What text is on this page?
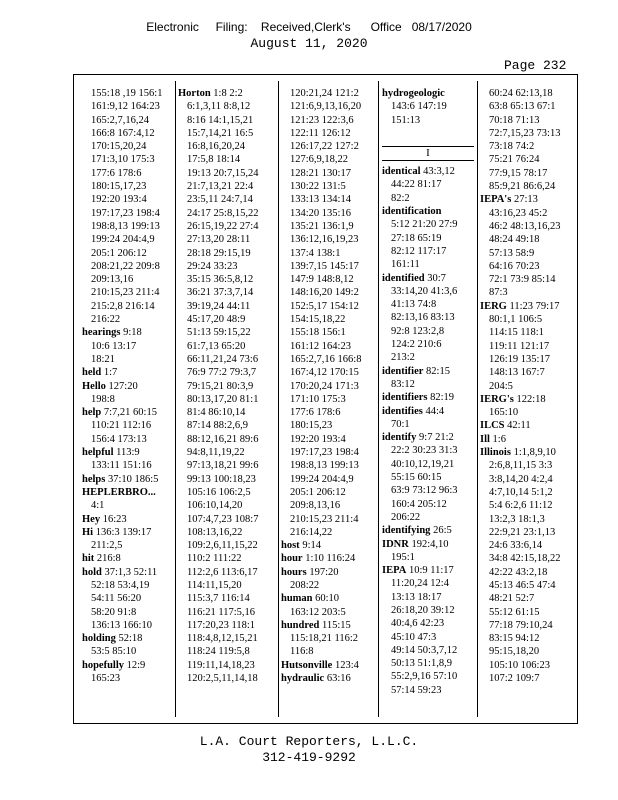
Electronic     Filing:    Received,Clerk's      Office   08/17/2020
August 11, 2020
Page 232
155:18 ,19 156:1
161:9,12 164:23
165:2,7,16,24
166:8 167:4,12
170:15,20,24
171:3,10 175:3
177:6 178:6
180:15,17,23
192:20 193:4
197:17,23 198:4
198:8,13 199:13
199:24 204:4,9
205:1 206:12
208:21,22 209:8
209:13,16
210:15,23 211:4
215:2,8 216:14
216:22
hearings 9:18
10:6 13:17
18:21
held 1:7
Hello 127:20
198:8
help 7:7,21 60:15
110:21 112:16
156:4 173:13
helpful 113:9
133:11 151:16
helps 37:10 186:5
HEPLERBRO...
4:1
Hey 16:23
Hi 136:3 139:17
211:2,5
hit 216:8
hold 37:1,3 52:11
52:18 53:4,19
54:11 56:20
58:20 91:8
136:13 166:10
holding 52:18
53:5 85:10
hopefully 12:9
165:23
Horton 1:8 2:2
6:1,3,11 8:8,12
8:16 14:1,15,21
15:7,14,21 16:5
16:8,16,20,24
17:5,8 18:14
19:13 20:7,15,24
21:7,13,21 22:4
23:5,11 24:7,14
24:17 25:8,15,22
26:15,19,22 27:4
27:13,20 28:11
28:18 29:15,19
29:24 33:23
35:15 36:5,8,12
36:21 37:3,7,14
39:19,24 44:11
45:17,20 48:9
51:13 59:15,22
61:7,13 65:20
66:11,21,24 73:6
76:9 77:2 79:3,7
79:15,21 80:3,9
80:13,17,20 81:1
81:4 86:10,14
87:14 88:2,6,9
88:12,16,21 89:6
94:8,11,19,22
97:13,18,21 99:6
99:13 100:18,23
105:16 106:2,5
106:10,14,20
107:4,7,23 108:7
108:13,16,22
109:2,6,11,15,22
110:2 111:22
112:2,6 113:6,17
114:11,15,20
115:3,7 116:14
116:21 117:5,16
117:20,23 118:1
118:4,8,12,15,21
118:24 119:5,8
119:11,14,18,23
120:2,5,11,14,18
120:21,24 121:2
121:6,9,13,16,20
121:23 122:3,6
122:11 126:12
126:17,22 127:2
127:6,9,18,22
128:21 130:17
130:22 131:5
133:13 134:14
134:20 135:16
135:21 136:1,9
136:12,16,19,23
137:4 138:1
139:7,15 145:17
147:9 148:8,12
148:16,20 149:2
152:5,17 154:12
154:15,18,22
155:18 156:1
161:12 164:23
165:2,7,16 166:8
167:4,12 170:15
170:20,24 171:3
171:10 175:3
177:6 178:6
180:15,23
192:20 193:4
197:17,23 198:4
198:8,13 199:13
199:24 204:4,9
205:1 206:12
209:8,13,16
210:15,23 211:4
216:14,22
host 9:14
hour 1:10 116:24
hours 197:20
208:22
human 60:10
163:12 203:5
hundred 115:15
115:18,21 116:2
116:8
Hutsonville 123:4
hydraulic 63:16
hydrogeologic
143:6 147:19
151:13

I
identical 43:3,12
44:22 81:17
82:2
identification
5:12 21:20 27:9
27:18 65:19
82:12 117:17
161:11
identified 30:7
33:14,20 41:3,6
41:13 74:8
82:13,16 83:13
92:8 123:2,8
124:2 210:6
213:2
identifier 82:15
83:12
identifiers 82:19
identifies 44:4
70:1
identify 9:7 21:2
22:2 30:23 31:3
40:10,12,19,21
55:15 60:15
63:9 73:12 96:3
160:4 205:12
206:22
identifying 26:5
IDNR 192:4,10
195:1
IEPA 10:9 11:17
11:20,24 12:4
13:13 18:17
26:18,20 39:12
40:4,6 42:23
45:10 47:3
49:14 50:3,7,12
50:13 51:1,8,9
55:2,9,16 57:10
57:14 59:23
60:24 62:13,18
63:8 65:13 67:1
70:18 71:13
72:7,15,23 73:13
73:18 74:2
75:21 76:24
77:9,15 78:17
85:9,21 86:6,24
IEPA's 27:13
43:16,23 45:2
46:2 48:13,16,23
48:24 49:18
57:13 58:9
64:16 70:23
72:1 73:9 85:14
87:3
IERG 11:23 79:17
80:1,1 106:5
114:15 118:1
119:11 121:17
126:19 135:17
148:13 167:7
204:5
IERG's 122:18
165:10
ILCS 42:11
Ill 1:6
Illinois 1:1,8,9,10
2:6,8,11,15 3:3
3:8,14,20 4:2,4
4:7,10,14 5:1,2
5:4 6:2,6 11:12
13:2,3 18:1,3
22:9,21 23:1,13
24:6 33:6,14
34:8 42:15,18,22
42:22 43:2,18
45:13 46:5 47:4
48:21 52:7
55:12 61:15
77:18 79:10,24
83:15 94:12
95:15,18,20
105:10 106:23
107:2 109:7
L.A. Court Reporters, L.L.C.
312-419-9292
